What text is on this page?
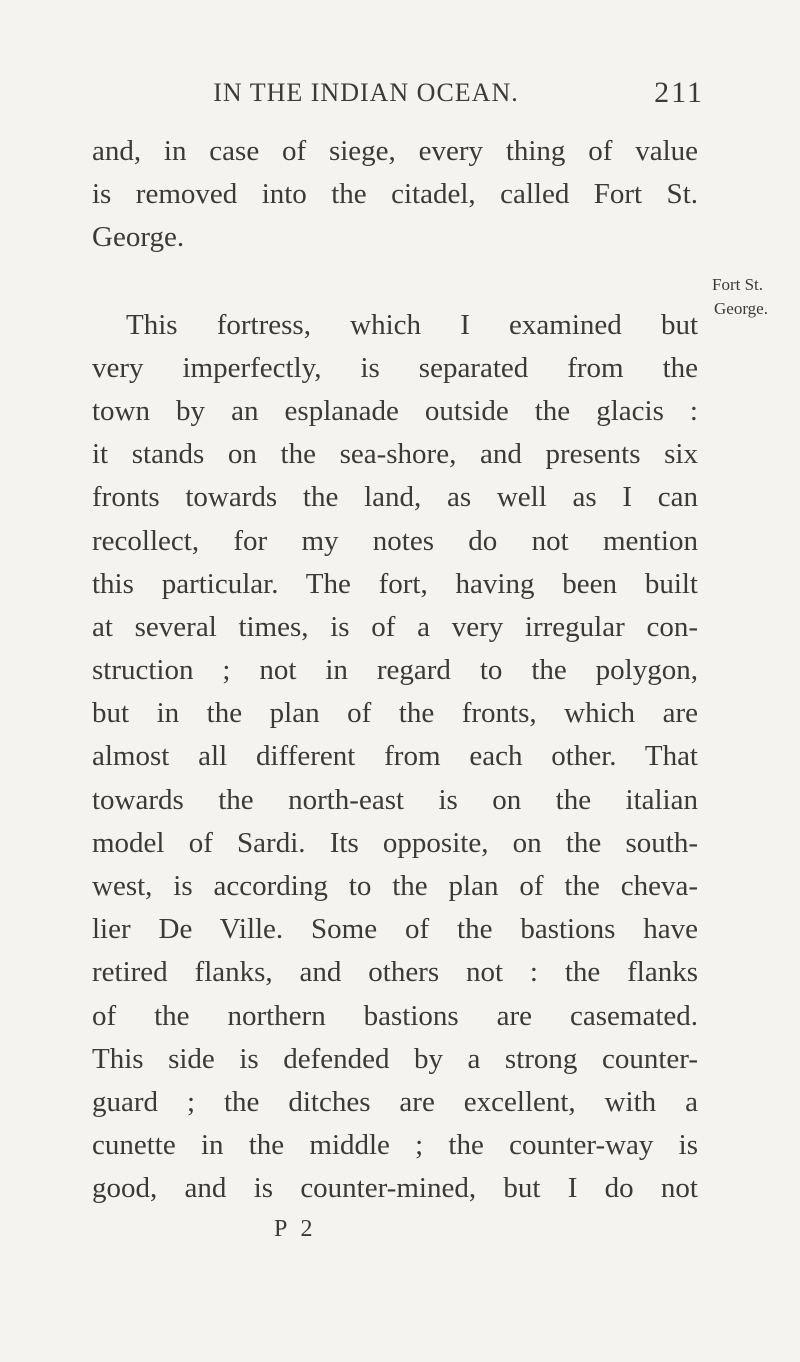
IN THE INDIAN OCEAN.	211
and, in case of siege, every thing of value
is removed into the citadel, called Fort St.
George.
This fortress, which I examined but
very imperfectly, is separated from the
town by an esplanade outside the glacis :
it stands on the sea-shore, and presents six
fronts towards the land, as well as I can
recollect, for my notes do not mention
this particular. The fort, having been built
at several times, is of a very irregular con-
struction ; not in regard to the polygon,
but in the plan of the fronts, which are
almost all different from each other. That
towards the north-east is on the italian
model of Sardi. Its opposite, on the south-
west, is according to the plan of the cheva-
lier De Ville. Some of the bastions have
retired flanks, and others not : the flanks
of the northern bastions are casemated.
This side is defended by a strong counter-
guard ; the ditches are excellent, with a
cunette in the middle ; the counter-way is
good, and is counter-mined, but I do not
Fort St.
George.
P 2
